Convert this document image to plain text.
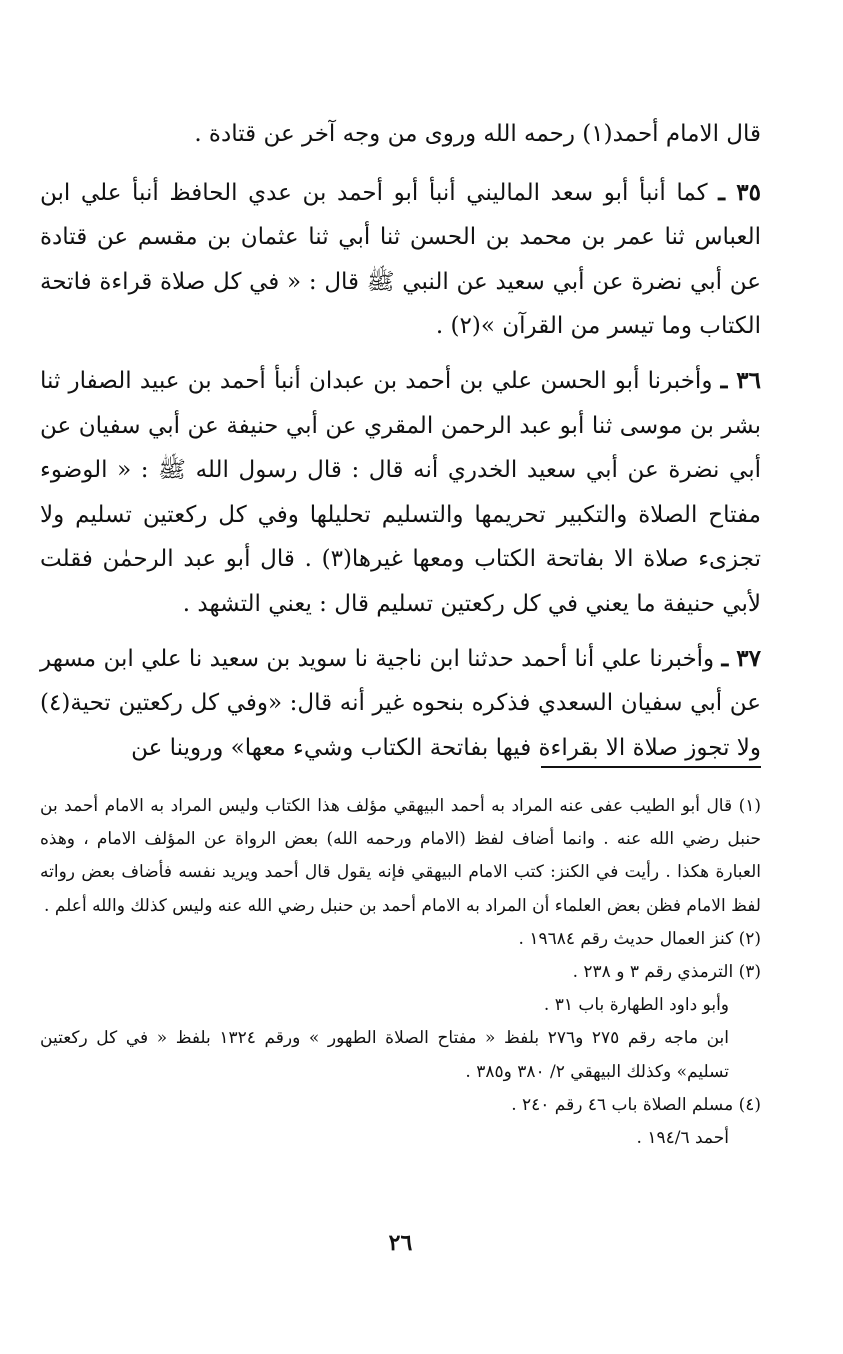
قال الامام أحمد(١) رحمه الله وروى من وجه آخر عن قتادة .

٣٥ ـ كما أنبأ أبو سعد الماليني أنبأ أبو أحمد بن عدي الحافظ أنبأ علي ابن العباس ثنا عمر بن محمد بن الحسن ثنا أبي ثنا عثمان بن مقسم عن قتادة عن أبي نضرة عن أبي سعيد عن النبي ﷺ قال : « في كل صلاة قراءة فاتحة الكتاب وما تيسر من القرآن »(٢) .

٣٦ ـ وأخبرنا أبو الحسن علي بن أحمد بن عبدان أنبأ أحمد بن عبيد الصفار ثنا بشر بن موسى ثنا أبو عبد الرحمن المقري عن أبي حنيفة عن أبي سفيان عن أبي نضرة عن أبي سعيد الخدري أنه قال : قال رسول الله ﷺ : « الوضوء مفتاح الصلاة والتكبير تحريمها والتسليم تحليلها وفي كل ركعتين تسليم ولا تجزىء صلاة الا بفاتحة الكتاب ومعها غيرها(٣) . قال أبو عبد الرحمٰن فقلت لأبي حنيفة ما يعني في كل ركعتين تسليم قال : يعني التشهد .

٣٧ ـ وأخبرنا علي أنا أحمد حدثنا ابن ناجية نا سويد بن سعيد نا علي ابن مسهر عن أبي سفيان السعدي فذكره بنحوه غير أنه قال: «وفي كل ركعتين تحية(٤) ولا تجوز صلاة الا بقراءة فيها بفاتحة الكتاب وشيء معها» وروينا عن

(١) قال أبو الطيب عفى عنه المراد به أحمد البيهقي مؤلف هذا الكتاب وليس المراد به الامام أحمد بن حنبل رضي الله عنه . وانما أضاف لفظ (الامام ورحمه الله) بعض الرواة عن المؤلف الامام ، وهذه العبارة هكذا . رأيت في الكنز: كتب الامام البيهقي فإنه يقول قال أحمد ويريد نفسه فأضاف بعض رواته لفظ الامام فظن بعض العلماء أن المراد به الامام أحمد بن حنبل رضي الله عنه وليس كذلك والله أعلم .

(٢) كنز العمال حديث رقم ١٩٦٨٤ .

(٣) الترمذي رقم ٣ و ٢٣٨ .

وأبو داود الطهارة باب ٣١ .

ابن ماجه رقم ٢٧٥ و٢٧٦ بلفظ « مفتاح الصلاة الطهور » ورقم ١٣٢٤ بلفظ « في كل ركعتين تسليم» وكذلك البيهقي ٢/ ٣٨٠ و٣٨٥ .

(٤) مسلم الصلاة باب ٤٦ رقم ٢٤٠ .

أحمد ١٩٤/٦ .

٢٦
